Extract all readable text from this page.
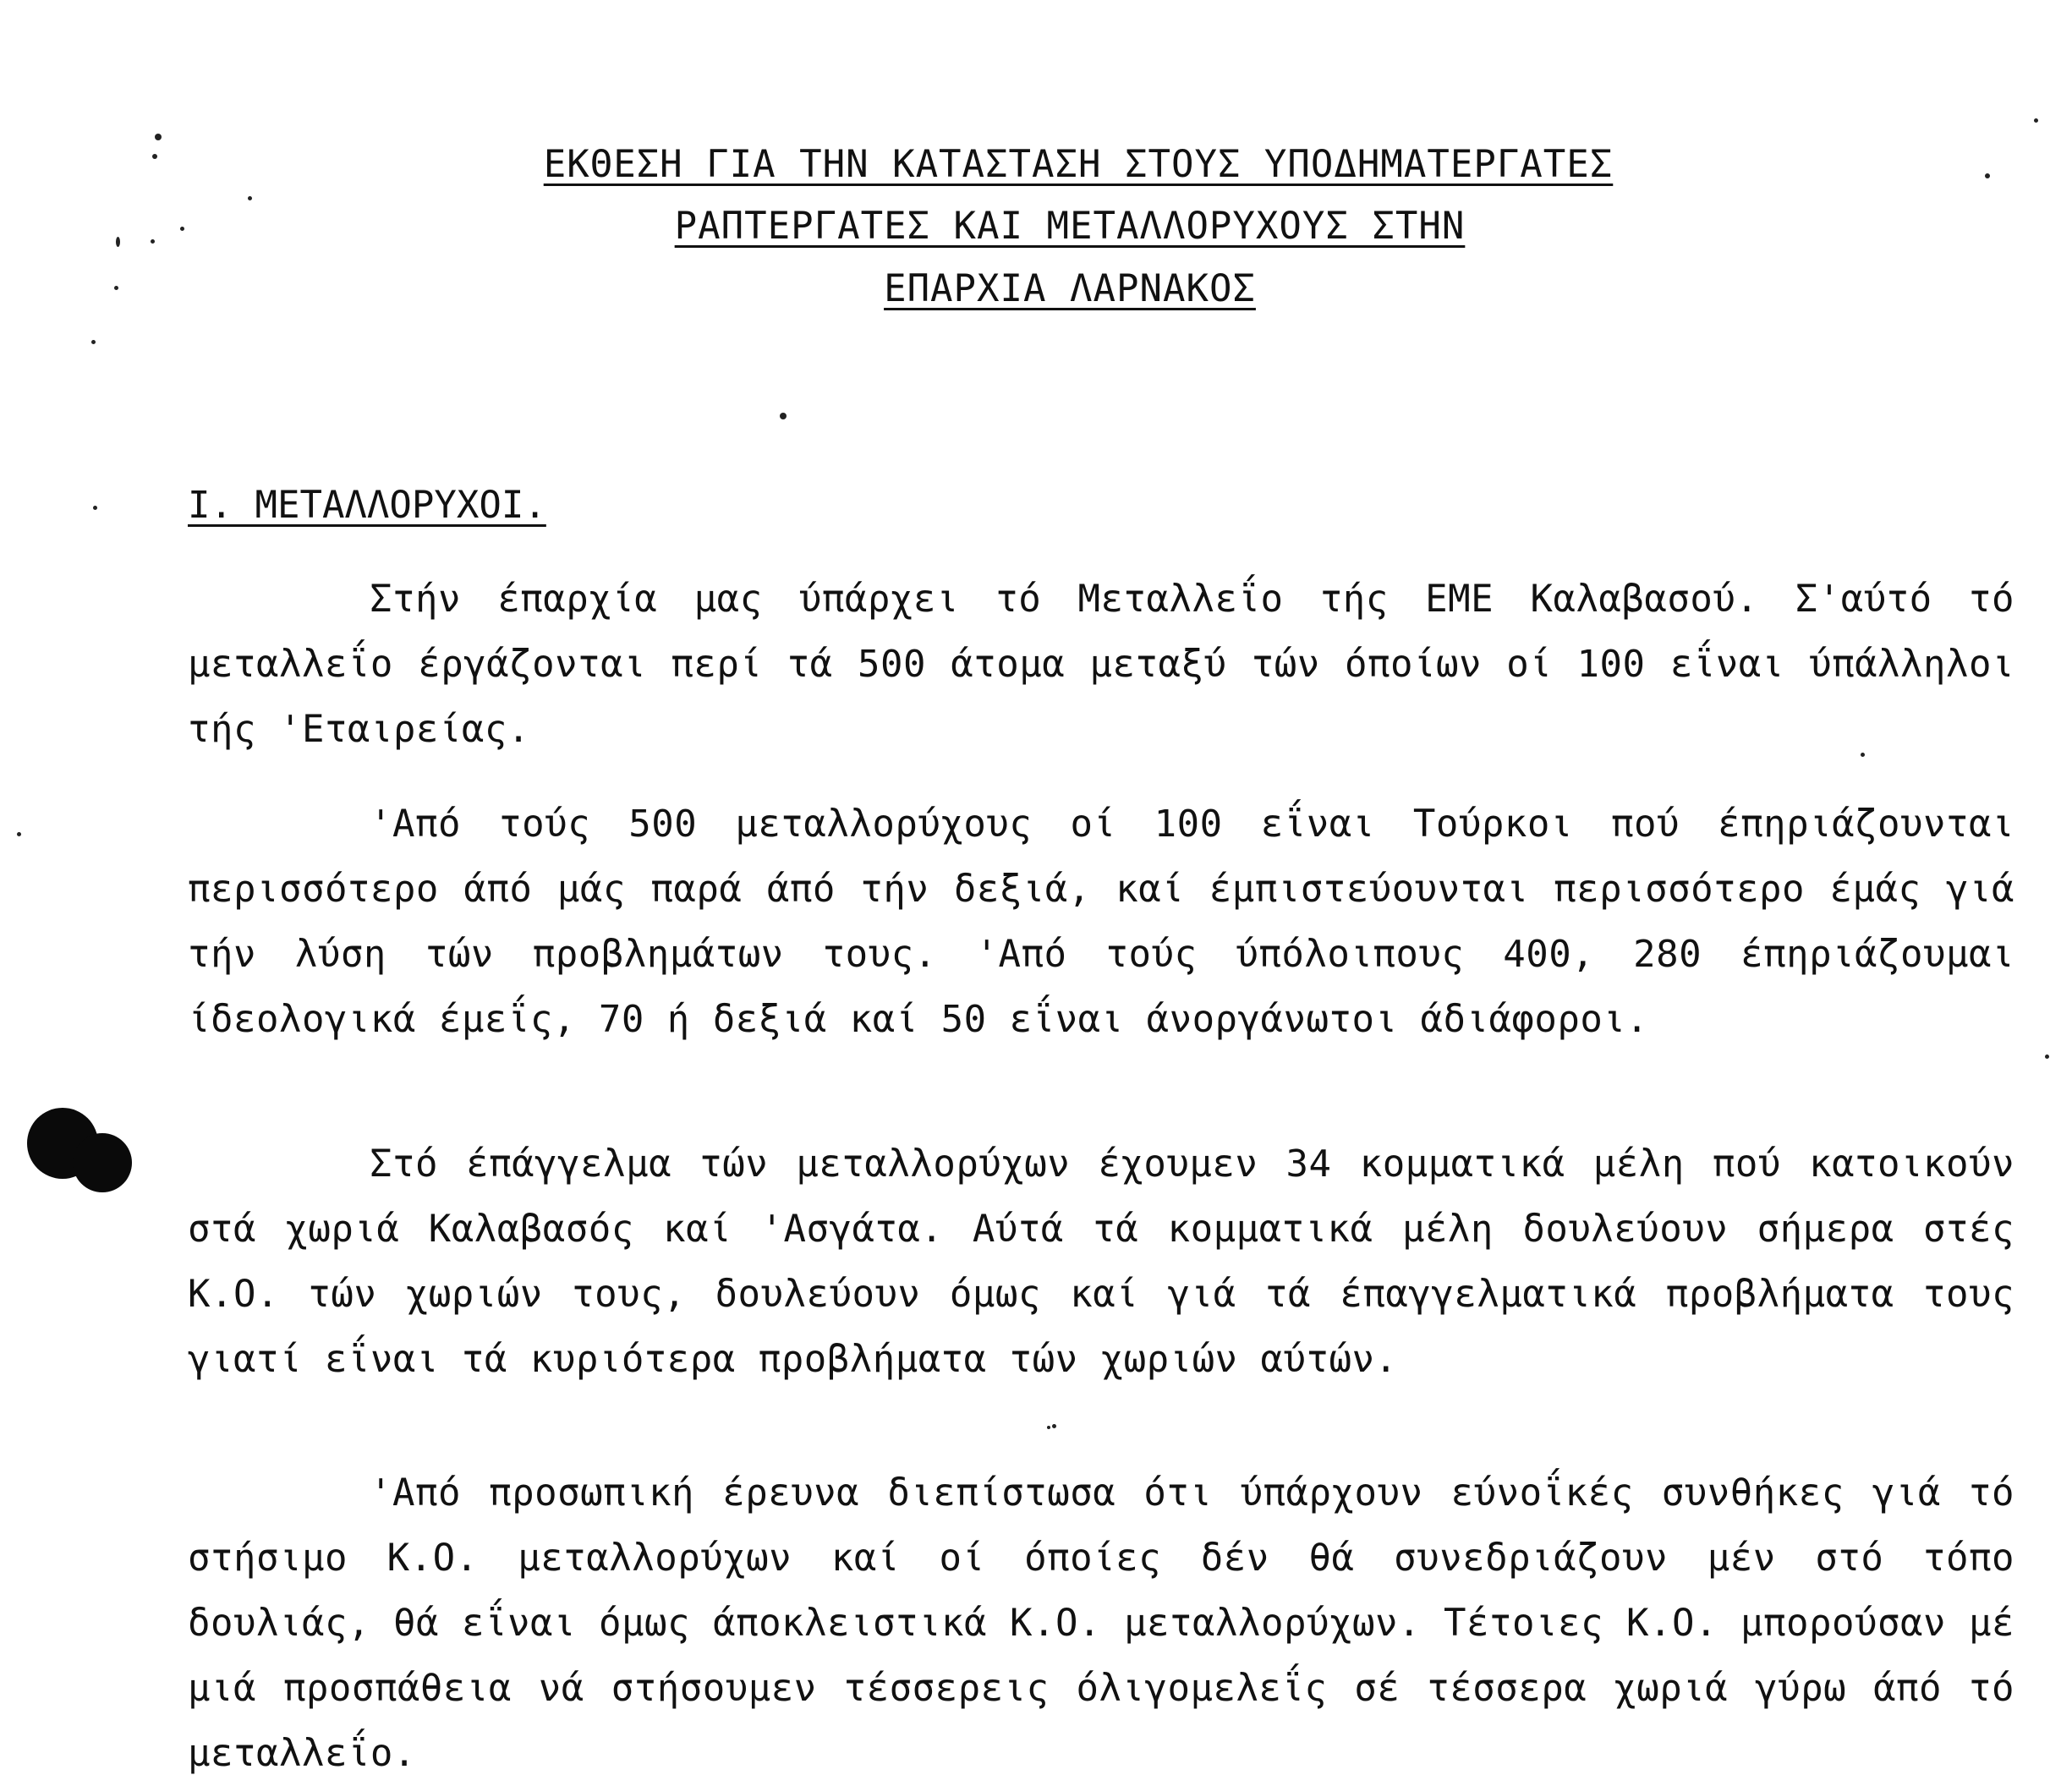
ΕΚΘΕΣΗ ΓΙΑ ΤΗΝ ΚΑΤΑΣΤΑΣΗ ΣΤΟΥΣ ΥΠΟΔΗΜΑΤΕΡΓΑΤΕΣ
ΡΑΠΤΕΡΓΑΤΕΣ ΚΑΙ ΜΕΤΑΛΛΟΡΥΧΟΥΣ ΣΤΗΝ
ΕΠΑΡΧΙΑ ΛΑΡΝΑΚΟΣ
I. ΜΕΤΑΛΛΟΡΥΧΟΙ.

Στήν έπαρχία μας ύπάρχει τό Μεταλλεΐο τής ΕΜΕ Καλαβασού. Σ'αύτό τό μεταλλεΐο έργάζονται περί τά 500 άτομα μεταξύ τών όποίων οί 100 εΐναι ύπάλληλοι τής 'Εταιρείας.

'Από τούς 500 μεταλλορύχους οί 100 εΐναι Τούρκοι πού έπηριάζουνται περισσότερο άπό μάς παρά άπό τήν δεξιά, καί έμπιστεύουνται περισσότερο έμάς γιά τήν λύση τών προβλημάτων τους. 'Από τούς ύπόλοιπους 400, 280 έπηριάζουμαι ίδεολογικά έμεΐς, 70 ή δεξιά καί 50 εΐναι άνοργάνωτοι άδιάφοροι.

Στό έπάγγελμα τών μεταλλορύχων έχουμεν 34 κομματικά μέλη πού κατοικούν στά χωριά Καλαβασός καί 'Ασγάτα. Αύτά τά κομματικά μέλη δουλεύουν σήμερα στές Κ.Ο. τών χωριών τους, δουλεύουν όμως καί γιά τά έπαγγελματικά προβλήματα τους γιατί εΐναι τά κυριότερα προβλήματα τών χωριών αύτών.

'Από προσωπική έρευνα διεπίστωσα ότι ύπάρχουν εύνοΐκές συνθήκες γιά τό στήσιμο Κ.Ο. μεταλλορύχων καί οί όποίες δέν θά συνεδριάζουν μέν στό τόπο δουλιάς, θά εΐναι όμως άποκλειστικά Κ.Ο. μεταλλορύχων. Τέτοιες Κ.Ο. μπορούσαν μέ μιά προσπάθεια νά στήσουμεν τέσσερεις όλιγομελεΐς σέ τέσσερα χωριά γύρω άπό τό μεταλλεΐο.
